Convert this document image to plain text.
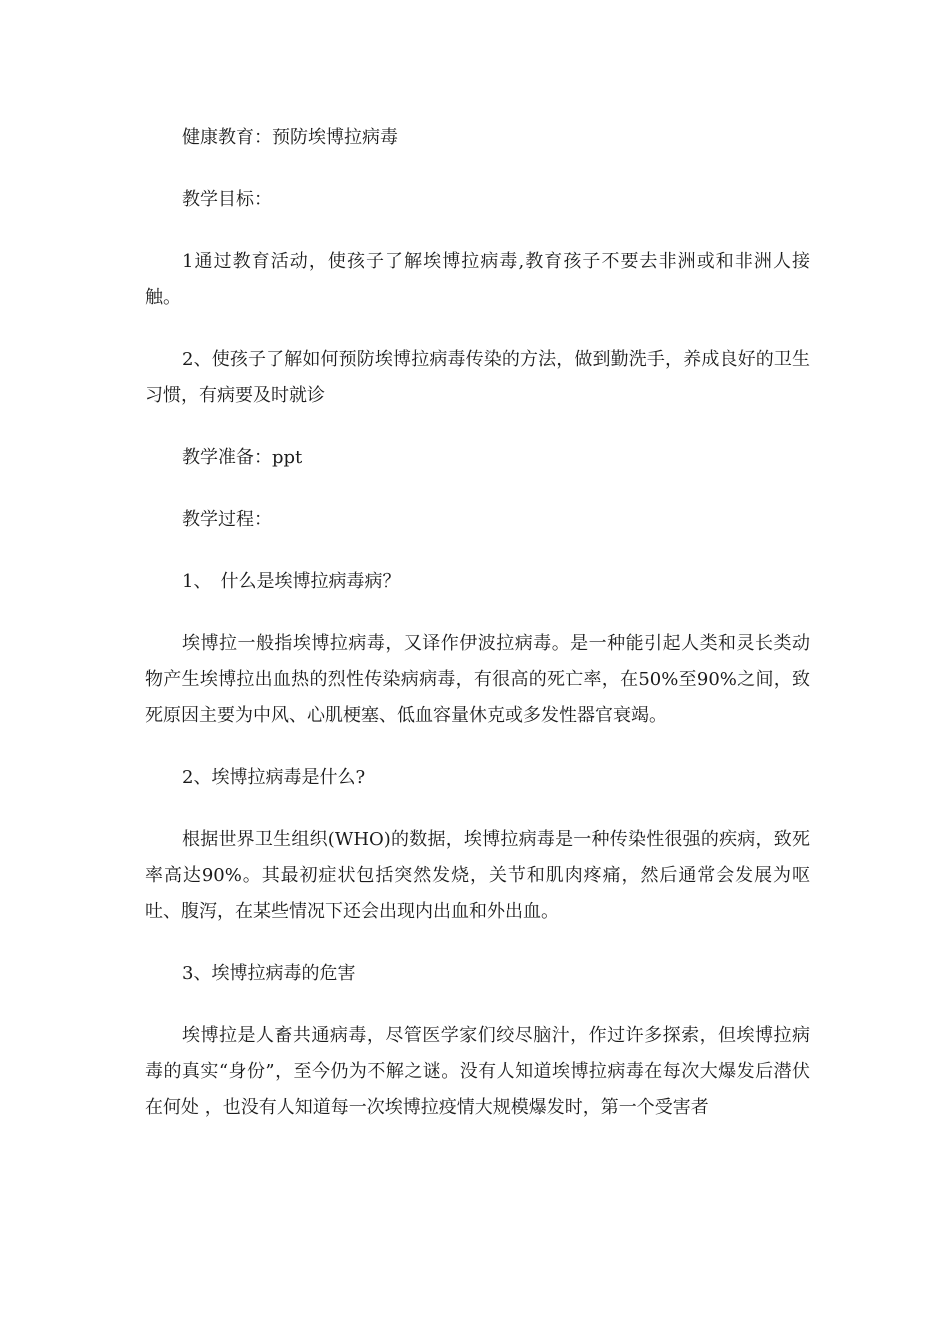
健康教育：预防埃博拉病毒

教学目标：

1通过教育活动，使孩子了解埃博拉病毒,教育孩子不要去非洲或和非洲人接触。

2、使孩子了解如何预防埃博拉病毒传染的方法，做到勤洗手，养成良好的卫生习惯，有病要及时就诊

教学准备：ppt

教学过程：

1、　什么是埃博拉病毒病？

埃博拉一般指埃博拉病毒，又译作伊波拉病毒。是一种能引起人类和灵长类动物产生埃博拉出血热的烈性传染病病毒，有很高的死亡率，在50%至90%之间，致死原因主要为中风、心肌梗塞、低血容量休克或多发性器官衰竭。

2、埃博拉病毒是什么?

根据世界卫生组织(WHO)的数据，埃博拉病毒是一种传染性很强的疾病，致死率高达90%。其最初症状包括突然发烧，关节和肌肉疼痛，然后通常会发展为呕吐、腹泻，在某些情况下还会出现内出血和外出血。

3、埃博拉病毒的危害

埃博拉是人畜共通病毒，尽管医学家们绞尽脑汁，作过许多探索，但埃博拉病毒的真实“身份”，至今仍为不解之谜。没有人知道埃博拉病毒在每次大爆发后潜伏在何处 ，也没有人知道每一次埃博拉疫情大规模爆发时，第一个受害者
